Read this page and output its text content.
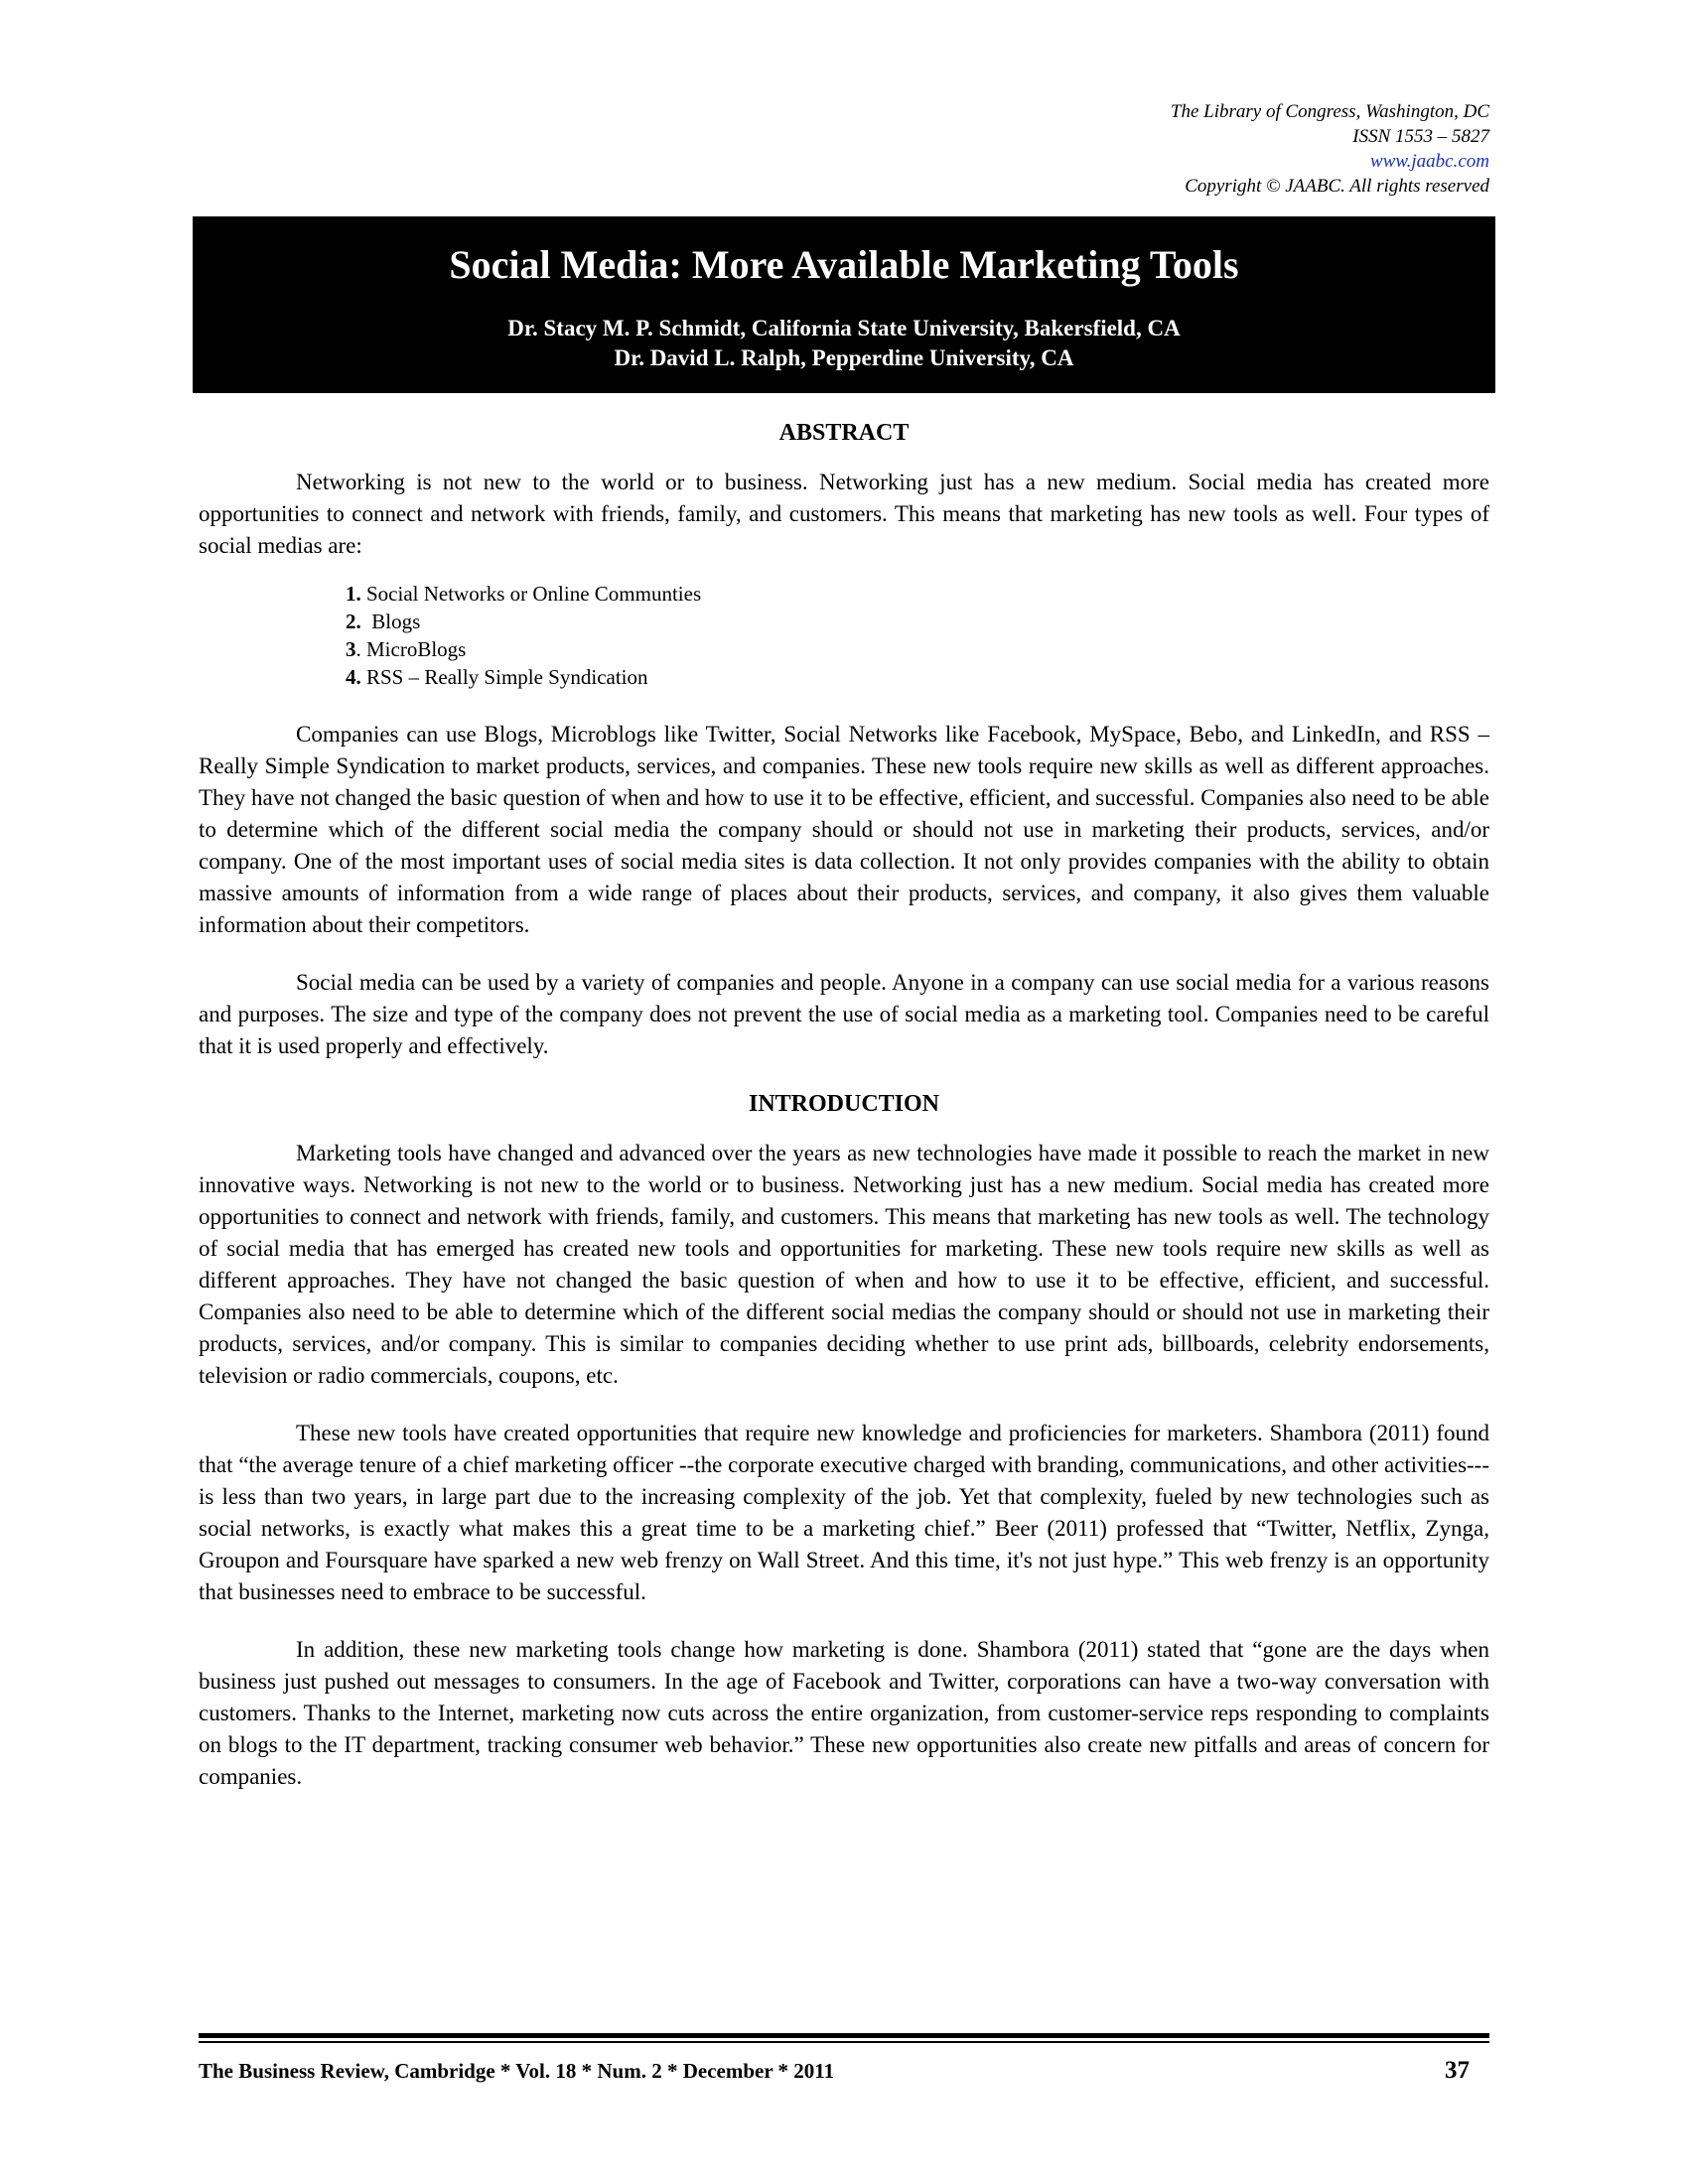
The Library of Congress, Washington, DC
ISSN 1553 – 5827
www.jaabc.com
Copyright © JAABC. All rights reserved
Social Media: More Available Marketing Tools
Dr. Stacy M. P. Schmidt, California State University, Bakersfield, CA
Dr. David L. Ralph, Pepperdine University, CA
ABSTRACT

Networking is not new to the world or to business. Networking just has a new medium. Social media has created more opportunities to connect and network with friends, family, and customers. This means that marketing has new tools as well. Four types of social medias are:

1. Social Networks or Online Communties
2.  Blogs
3. MicroBlogs
4. RSS – Really Simple Syndication

Companies can use Blogs, Microblogs like Twitter, Social Networks like Facebook, MySpace, Bebo, and LinkedIn, and RSS – Really Simple Syndication to market products, services, and companies. These new tools require new skills as well as different approaches. They have not changed the basic question of when and how to use it to be effective, efficient, and successful. Companies also need to be able to determine which of the different social media the company should or should not use in marketing their products, services, and/or company. One of the most important uses of social media sites is data collection. It not only provides companies with the ability to obtain massive amounts of information from a wide range of places about their products, services, and company, it also gives them valuable information about their competitors.

Social media can be used by a variety of companies and people. Anyone in a company can use social media for a various reasons and purposes. The size and type of the company does not prevent the use of social media as a marketing tool. Companies need to be careful that it is used properly and effectively.

INTRODUCTION

Marketing tools have changed and advanced over the years as new technologies have made it possible to reach the market in new innovative ways. Networking is not new to the world or to business. Networking just has a new medium. Social media has created more opportunities to connect and network with friends, family, and customers. This means that marketing has new tools as well. The technology of social media that has emerged has created new tools and opportunities for marketing. These new tools require new skills as well as different approaches. They have not changed the basic question of when and how to use it to be effective, efficient, and successful. Companies also need to be able to determine which of the different social medias the company should or should not use in marketing their products, services, and/or company. This is similar to companies deciding whether to use print ads, billboards, celebrity endorsements, television or radio commercials, coupons, etc.

These new tools have created opportunities that require new knowledge and proficiencies for marketers. Shambora (2011) found that “the average tenure of a chief marketing officer --the corporate executive charged with branding, communications, and other activities---is less than two years, in large part due to the increasing complexity of the job. Yet that complexity, fueled by new technologies such as social networks, is exactly what makes this a great time to be a marketing chief.” Beer (2011) professed that “Twitter, Netflix, Zynga, Groupon and Foursquare have sparked a new web frenzy on Wall Street. And this time, it's not just hype.” This web frenzy is an opportunity that businesses need to embrace to be successful.

In addition, these new marketing tools change how marketing is done. Shambora (2011) stated that “gone are the days when business just pushed out messages to consumers. In the age of Facebook and Twitter, corporations can have a two-way conversation with customers. Thanks to the Internet, marketing now cuts across the entire organization, from customer-service reps responding to complaints on blogs to the IT department, tracking consumer web behavior.” These new opportunities also create new pitfalls and areas of concern for companies.

The Business Review, Cambridge * Vol. 18 * Num. 2 * December * 2011	37
